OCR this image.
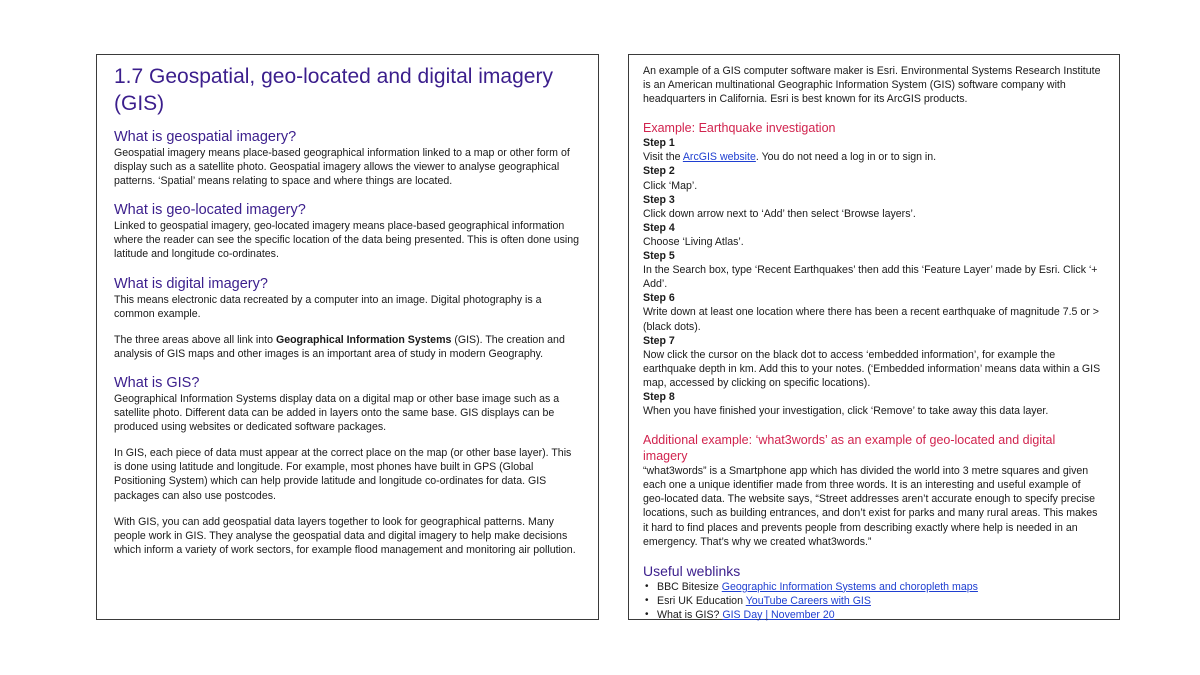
1.7 Geospatial, geo-located and digital imagery (GIS)
What is geospatial imagery?

Geospatial imagery means place-based geographical information linked to a map or other form of display such as a satellite photo. Geospatial imagery allows the viewer to analyse geographical patterns. ‘Spatial’ means relating to space and where things are located.

What is geo-located imagery?

Linked to geospatial imagery, geo-located imagery means place-based geographical information where the reader can see the specific location of the data being presented. This is often done using latitude and longitude co-ordinates.

What is digital imagery?

This means electronic data recreated by a computer into an image. Digital photography is a common example.

The three areas above all link into Geographical Information Systems (GIS). The creation and analysis of GIS maps and other images is an important area of study in modern Geography.

What is GIS?

Geographical Information Systems display data on a digital map or other base image such as a satellite photo. Different data can be added in layers onto the same base. GIS displays can be produced using websites or dedicated software packages.

In GIS, each piece of data must appear at the correct place on the map (or other base layer). This is done using latitude and longitude. For example, most phones have built in GPS (Global Positioning System) which can help provide latitude and longitude co-ordinates for data. GIS packages can also use postcodes.

With GIS, you can add geospatial data layers together to look for geographical patterns. Many people work in GIS. They analyse the geospatial data and digital imagery to help make decisions which inform a variety of work sectors, for example flood management and monitoring air pollution.

An example of a GIS computer software maker is Esri. Environmental Systems Research Institute is an American multinational Geographic Information System (GIS) software company with headquarters in California. Esri is best known for its ArcGIS products.

Example: Earthquake investigation
Step 1

Visit the ArcGIS website. You do not need a log in or to sign in.

Step 2

Click ‘Map’.

Step 3

Click down arrow next to ‘Add’ then select ‘Browse layers’.

Step 4

Choose ‘Living Atlas’.

Step 5

In the Search box, type ‘Recent Earthquakes’ then add this ‘Feature Layer’ made by Esri. Click ‘+ Add’.

Step 6

Write down at least one location where there has been a recent earthquake of magnitude 7.5 or > (black dots).

Step 7

Now click the cursor on the black dot to access ‘embedded information’, for example the earthquake depth in km. Add this to your notes. (‘Embedded information’ means data within a GIS map, accessed by clicking on specific locations).

Step 8

When you have finished your investigation, click ‘Remove’ to take away this data layer.

Additional example: ‘what3words’ as an example of geo-located and digital imagery

“what3words” is a Smartphone app which has divided the world into 3 metre squares and given each one a unique identifier made from three words. It is an interesting and useful example of geo-located data. The website says, “Street addresses aren’t accurate enough to specify precise locations, such as building entrances, and don’t exist for parks and many rural areas. This makes it hard to find places and prevents people from describing exactly where help is needed in an emergency. That’s why we created what3words.”

Useful weblinks
• BBC Bitesize Geographic Information Systems and choropleth maps
• Esri UK Education YouTube Careers with GIS
• What is GIS? GIS Day | November 20
